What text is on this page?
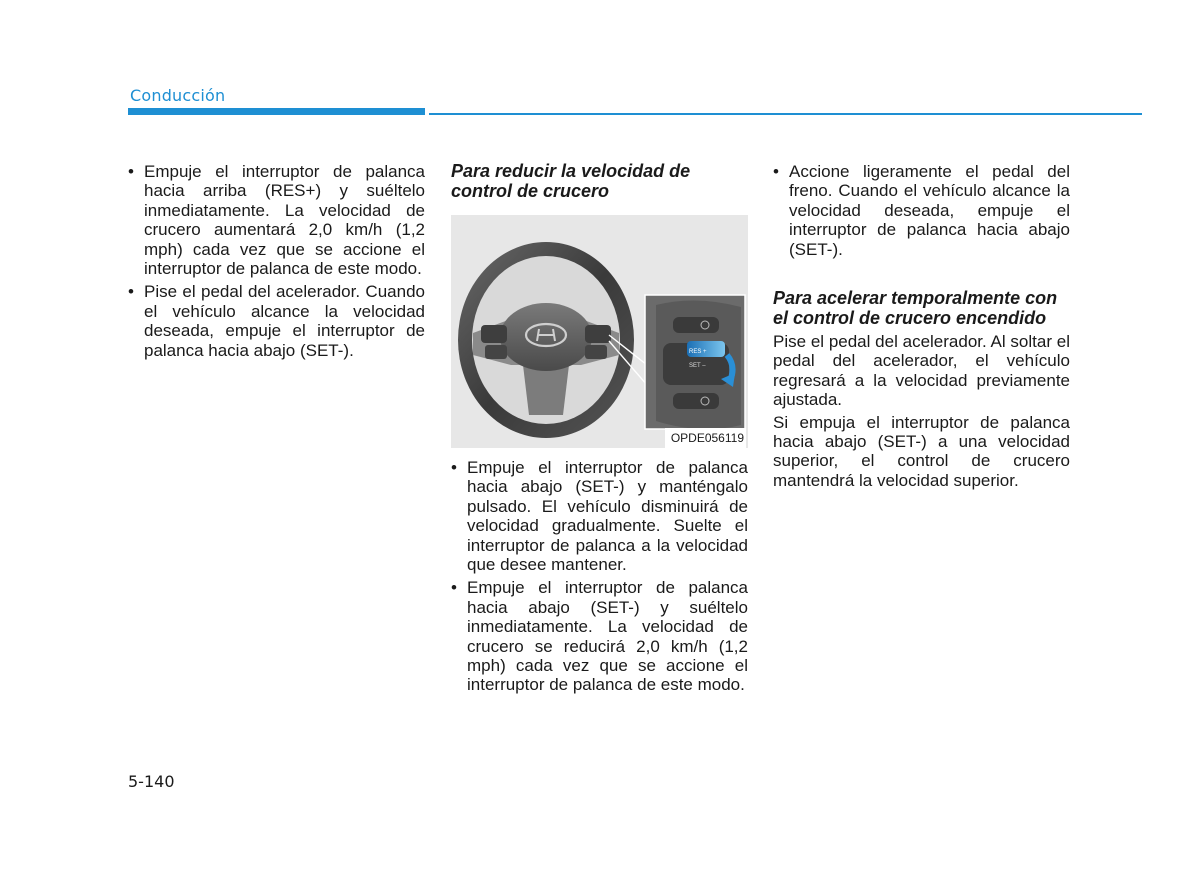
Conducción
• Empuje el interruptor de palanca hacia arriba (RES+) y suéltelo inmediatamente. La velocidad de crucero aumentará 2,0 km/h (1,2 mph) cada vez que se accione el interruptor de palanca de este modo.
• Pise el pedal del acelerador. Cuando el vehículo alcance la velocidad deseada, empuje el interruptor de palanca hacia abajo (SET-).
Para reducir la velocidad de control de crucero
RES +
SET –
OPDE056119
• Empuje el interruptor de palanca hacia abajo (SET-) y manténgalo pulsado. El vehículo disminuirá de velocidad gradualmente. Suelte el interruptor de palanca a la velocidad que desee mantener.
• Empuje el interruptor de palanca hacia abajo (SET-) y suéltelo inmediatamente. La velocidad de crucero se reducirá 2,0 km/h (1,2 mph) cada vez que se accione el interruptor de palanca de este modo.
• Accione ligeramente el pedal del freno. Cuando el vehículo alcance la velocidad deseada, empuje el interruptor de palanca hacia abajo (SET-).
Para acelerar temporalmente con el control de crucero encendido

Pise el pedal del acelerador. Al soltar el pedal del acelerador, el vehículo regresará a la velocidad previamente ajustada.

Si empuja el interruptor de palanca hacia abajo (SET-) a una velocidad superior, el control de crucero mantendrá la velocidad superior.

5-140
